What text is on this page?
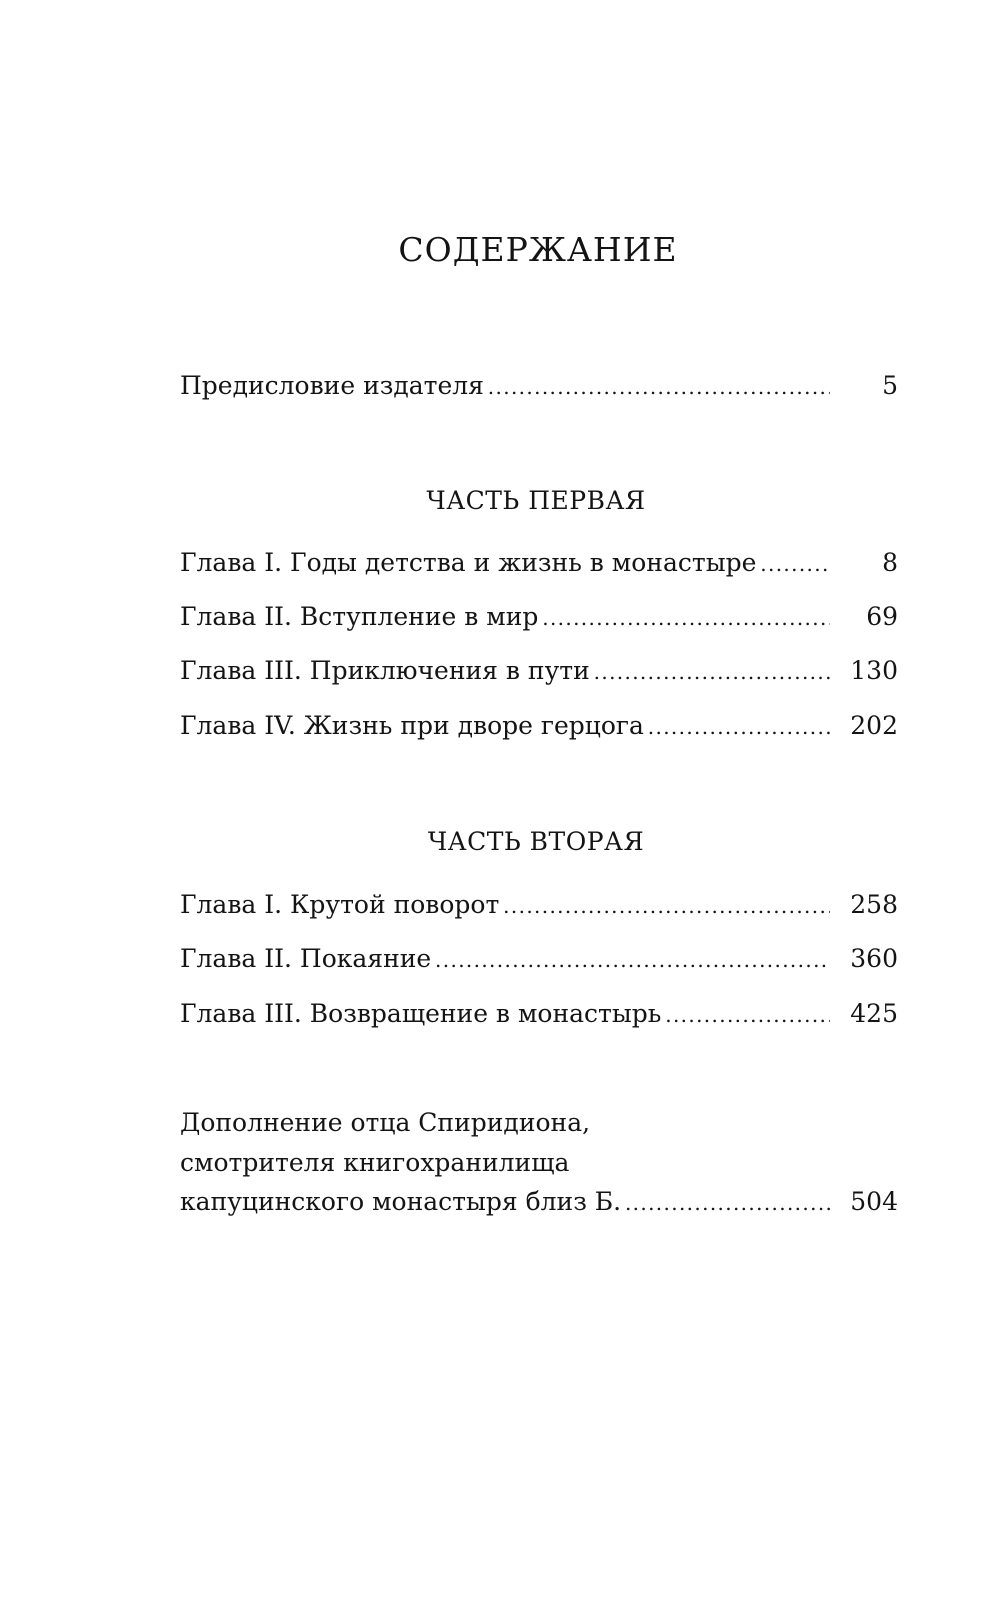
СОДЕРЖАНИЕ
Предисловие издателя . . .	5
ЧАСТЬ ПЕРВАЯ
Глава I. Годы детства и жизнь в монастыре . . .	8
Глава II. Вступление в мир . . .	69
Глава III. Приключения в пути . . .	130
Глава IV. Жизнь при дворе герцога . . .	202
ЧАСТЬ ВТОРАЯ
Глава I. Крутой поворот . . .	258
Глава II. Покаяние . . .	360
Глава III. Возвращение в монастырь . . .	425
Дополнение отца Спиридиона,
смотрителя книгохранилища
капуцинского монастыря близ Б. . . .	504
